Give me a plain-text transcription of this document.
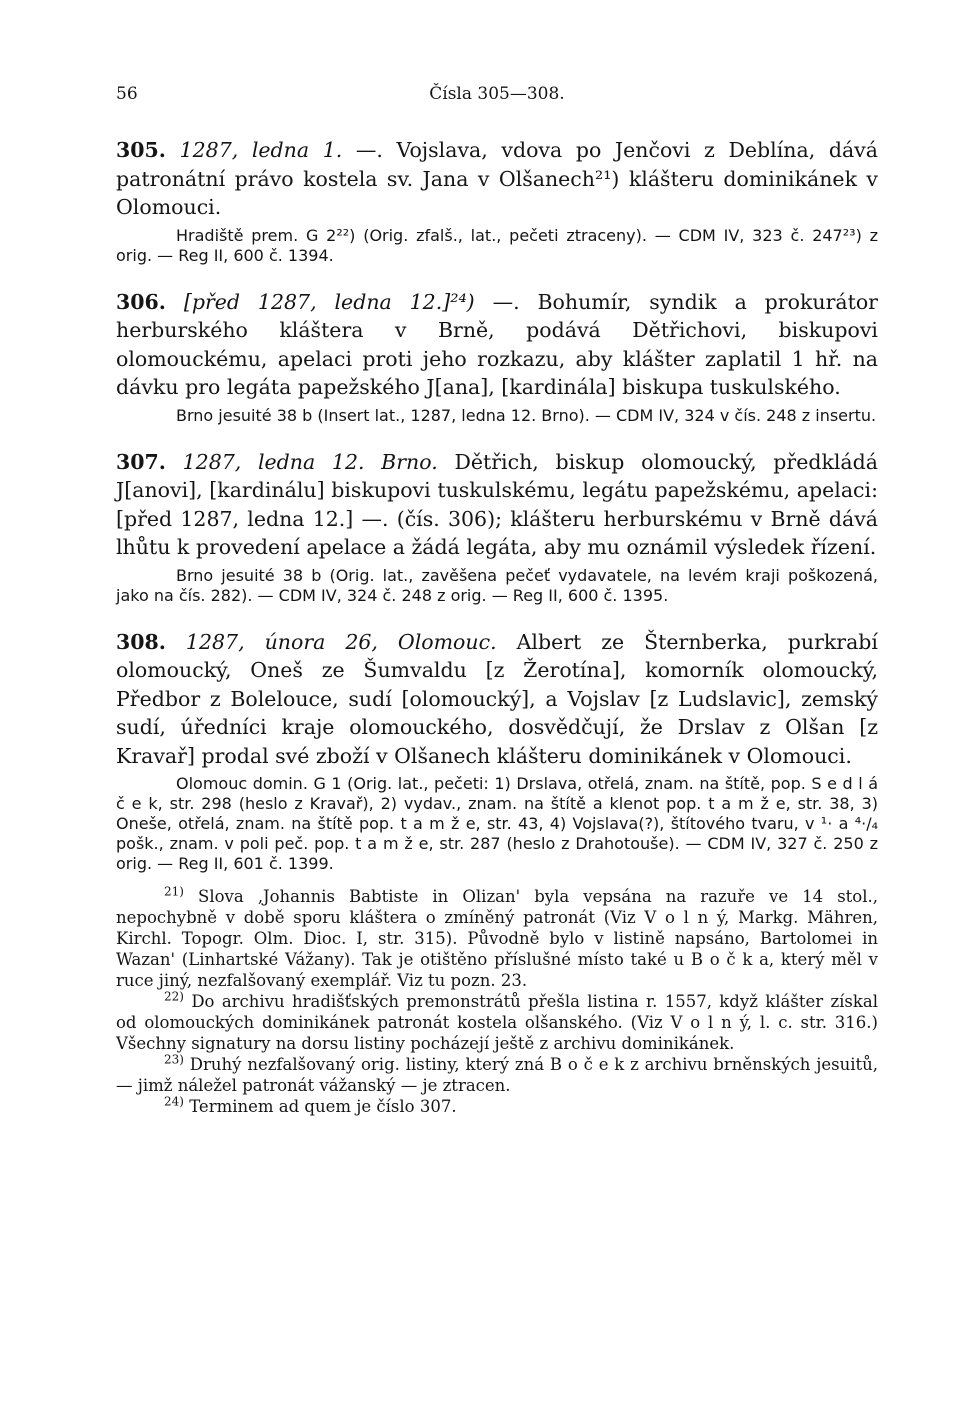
56	Čísla 305—308.

305. 1287, ledna 1. —. Vojslava, vdova po Jenčovi z Deblína, dává patronátní právo kostela sv. Jana v Olšanech²¹) klášteru dominikánek v Olomouci.

Hradiště prem. G 2²²) (Orig. zfalš., lat., pečeti ztraceny). — CDM IV, 323 č. 247²³) z orig. — Reg II, 600 č. 1394.

306. [před 1287, ledna 12.]²⁴) —. Bohumír, syndik a prokurátor herburského kláštera v Brně, podává Dětřichovi, biskupovi olomouckému, apelaci proti jeho rozkazu, aby klášter zaplatil 1 hř. na dávku pro legáta papežského J[ana], [kardinála] biskupa tuskulského.

Brno jesuité 38 b (Insert lat., 1287, ledna 12. Brno). — CDM IV, 324 v čís. 248 z insertu.

307. 1287, ledna 12. Brno. Dětřich, biskup olomoucký, předkládá J[anovi], [kardinálu] biskupovi tuskulskému, legátu papežskému, apelaci: [před 1287, ledna 12.] —. (čís. 306); klášteru herburskému v Brně dává lhůtu k provedení apelace a žádá legáta, aby mu oznámil výsledek řízení.

Brno jesuité 38 b (Orig. lat., zavěšena pečeť vydavatele, na levém kraji poškozená, jako na čís. 282). — CDM IV, 324 č. 248 z orig. — Reg II, 600 č. 1395.

308. 1287, února 26, Olomouc. Albert ze Šternberka, purkrabí olomoucký, Oneš ze Šumvaldu [z Žerotína], komorník olomoucký, Předbor z Bolelouce, sudí [olomoucký], a Vojslav [z Ludslavic], zemský sudí, úředníci kraje olomouckého, dosvědčují, že Drslav z Olšan [z Kravař] prodal své zboží v Olšanech klášteru dominikánek v Olomouci.

Olomouc domin. G 1 (Orig. lat., pečeti: 1) Drslava, otřelá, znam. na štítě, pop. S e d l á č e k, str. 298 (heslo z Kravař), 2) vydav., znam. na štítě a klenot pop. t a m ž e, str. 38, 3) Oneše, otřelá, znam. na štítě pop. t a m ž e, str. 43, 4) Vojslava(?), štítového tvaru, v ¹· a ⁴·/₄ pošk., znam. v poli peč. pop. t a m ž e, str. 287 (heslo z Drahotouše). — CDM IV, 327 č. 250 z orig. — Reg II, 601 č. 1399.

$^{21)}$ Slova ‚Johannis Babtiste in Olizan' byla vepsána na razuře ve 14 stol., nepochybně v době sporu kláštera o zmíněný patronát (Viz V o l n ý, Markg. Mähren, Kirchl. Topogr. Olm. Dioc. I, str. 315). Původně bylo v listině napsáno, Bartolomei in Wazan' (Linhartské Vážany). Tak je otištěno příslušné místo také u B o č k a, který měl v ruce jiný, nezfalšovaný exemplář. Viz tu pozn. 23.

$^{22)}$ Do archivu hradišťských premonstrátů přešla listina r. 1557, když klášter získal od olomouckých dominikánek patronát kostela olšanského. (Viz V o l n ý, l. c. str. 316.) Všechny signatury na dorsu listiny pocházejí ještě z archivu dominikánek.

$^{23)}$ Druhý nezfalšovaný orig. listiny, který zná B o č e k z archivu brněnských jesuitů, — jimž náležel patronát vážanský — je ztracen.

$^{24)}$ Terminem ad quem je číslo 307.
